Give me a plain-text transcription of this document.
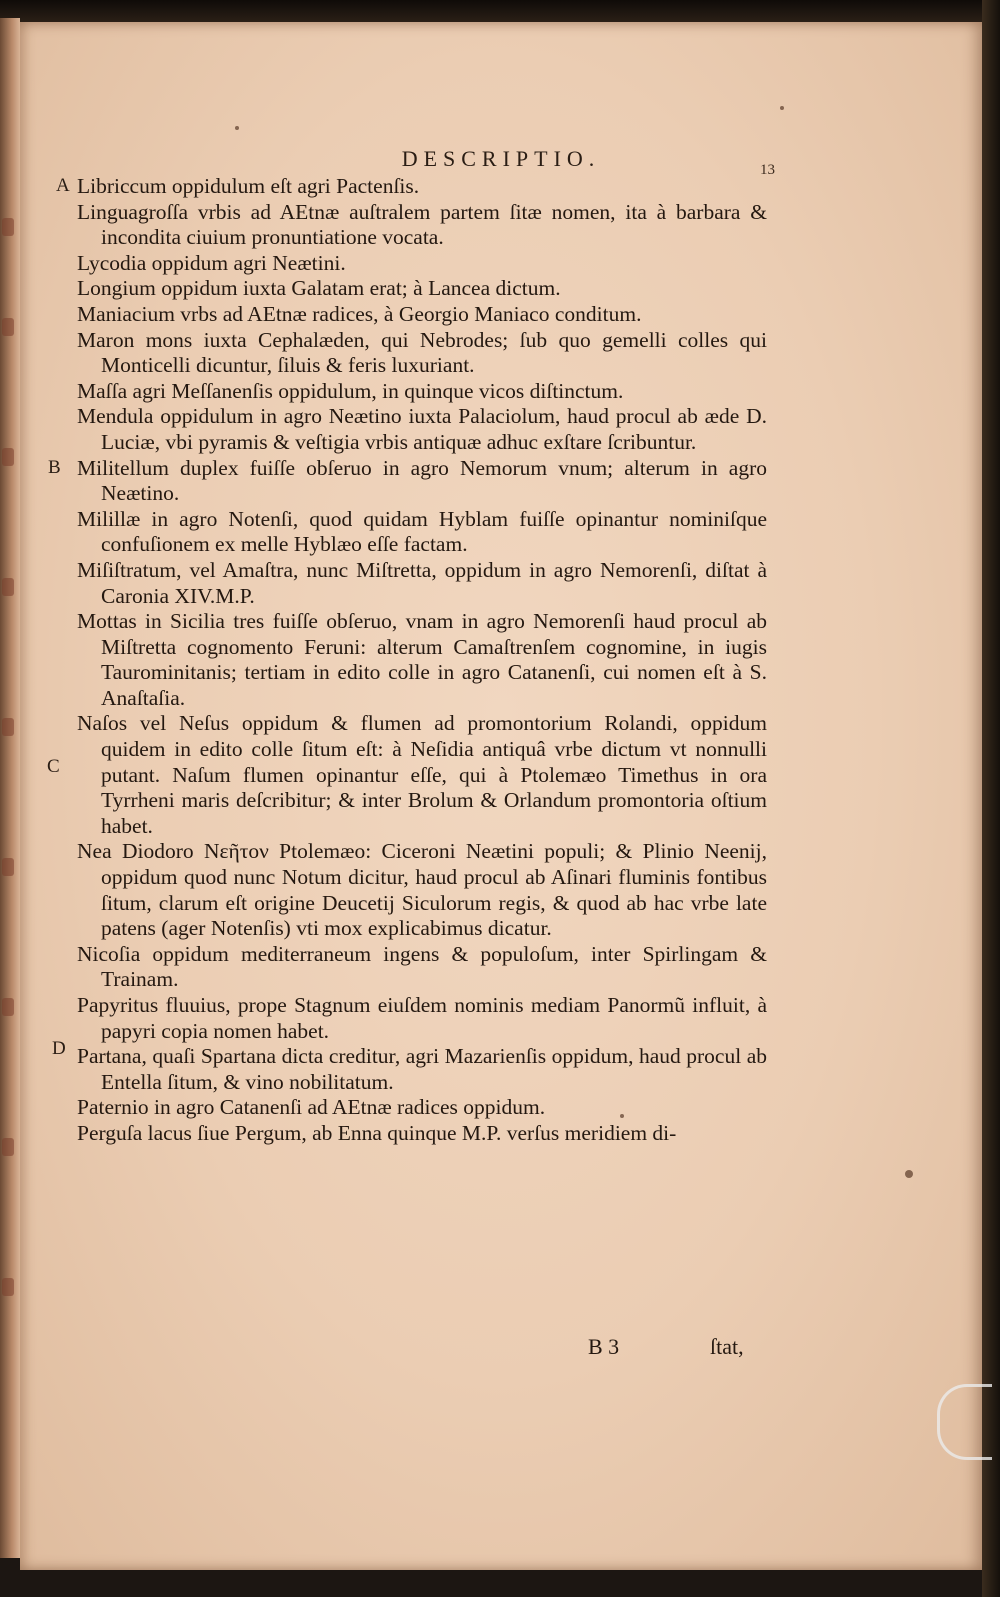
DESCRIPTIO.	13
A
B
C
D

Libriccum oppidulum eſt agri Pactenſis.

Linguagroſſa vrbis ad AEtnæ auſtralem partem ſitæ nomen, ita à barbara & incondita ciuium pronuntiatione vocata.

Lycodia oppidum agri Neætini.

Longium oppidum iuxta Galatam erat; à Lancea dictum.

Maniacium vrbs ad AEtnæ radices, à Georgio Maniaco conditum.

Maron mons iuxta Cephalæden, qui Nebrodes; ſub quo gemelli colles qui Monticelli dicuntur, ſiluis & feris luxuriant.

Maſſa agri Meſſanenſis oppidulum, in quinque vicos diſtinctum.

Mendula oppidulum in agro Neætino iuxta Palaciolum, haud procul ab æde D. Luciæ, vbi pyramis & veſtigia vrbis antiquæ adhuc exſtare ſcribuntur.

Militellum duplex fuiſſe obſeruo in agro Nemorum vnum; alterum in agro Neætino.

Milillæ in agro Notenſi, quod quidam Hyblam fuiſſe opinantur nominiſque confuſionem ex melle Hyblæo eſſe factam.

Miſiſtratum, vel Amaſtra, nunc Miſtretta, oppidum in agro Nemorenſi, diſtat à Caronia XIV.M.P.

Mottas in Sicilia tres fuiſſe obſeruo, vnam in agro Nemorenſi haud procul ab Miſtretta cognomento Feruni: alterum Camaſtrenſem cognomine, in iugis Taurominitanis; tertiam in edito colle in agro Catanenſi, cui nomen eſt à S. Anaſtaſia.

Naſos vel Neſus oppidum & flumen ad promontorium Rolandi, oppidum quidem in edito colle ſitum eſt: à Neſidia antiquâ vrbe dictum vt nonnulli putant. Naſum flumen opinantur eſſe, qui à Ptolemæo Timethus in ora Tyrrheni maris deſcribitur; & inter Brolum & Orlandum promontoria oſtium habet.

Nea Diodoro Νεῆτον Ptolemæo: Ciceroni Neætini populi; & Plinio Neenij, oppidum quod nunc Notum dicitur, haud procul ab Aſinari fluminis fontibus ſitum, clarum eſt origine Deucetij Siculorum regis, & quod ab hac vrbe late patens (ager Notenſis) vti mox explicabimus dicatur.

Nicoſia oppidum mediterraneum ingens & populoſum, inter Spirlingam & Trainam.

Papyritus fluuius, prope Stagnum eiuſdem nominis mediam Panormũ influit, à papyri copia nomen habet.

Partana, quaſi Spartana dicta creditur, agri Mazarienſis oppidum, haud procul ab Entella ſitum, & vino nobilitatum.

Paternio in agro Catanenſi ad AEtnæ radices oppidum.

Perguſa lacus ſiue Pergum, ab Enna quinque M.P. verſus meridiem di-

B 3	ſtat,
